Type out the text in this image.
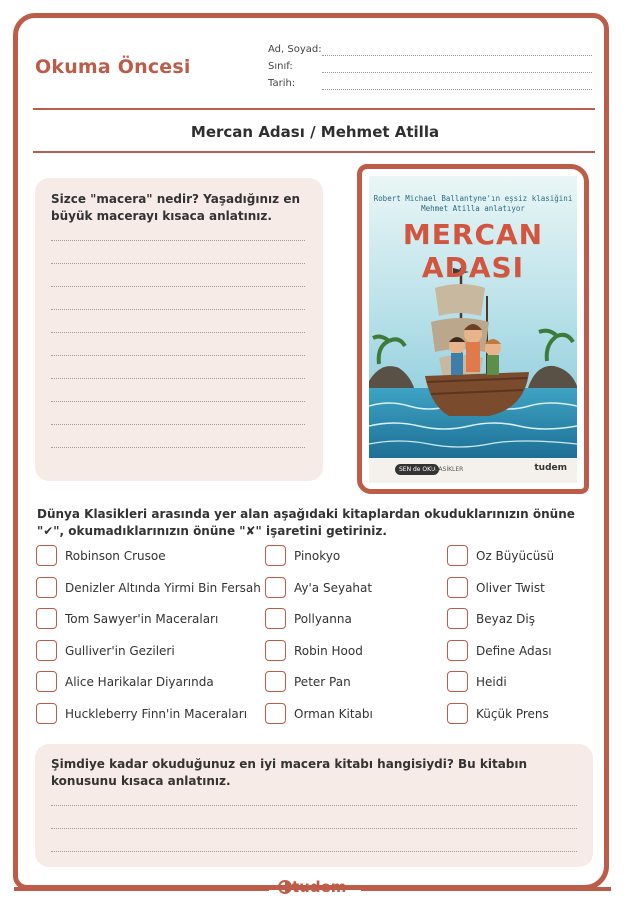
Okuma Öncesi
Ad, Soyad:
Sınıf:
Tarih:
Mercan Adası / Mehmet Atilla
Sizce "macera" nedir? Yaşadığınız en büyük macerayı kısaca anlatınız.
Robert Michael Ballantyne'ın eşsiz klasiğini
Mehmet Atilla anlatıyor
MERCAN ADASI
SEN de OKU
KLASİKLER	tudem
Dünya Klasikleri arasında yer alan aşağıdaki kitaplardan okuduklarınızın önüne "✔", okumadıklarınızın önüne "✘" işaretini getiriniz.
Robinson Crusoe
Denizler Altında Yirmi Bin Fersah
Tom Sawyer'in Maceraları
Gulliver'in Gezileri
Alice Harikalar Diyarında
Huckleberry Finn'in Maceraları
Pinokyo
Ay'a Seyahat
Pollyanna
Robin Hood
Peter Pan
Orman Kitabı
Oz Büyücüsü
Oliver Twist
Beyaz Diş
Define Adası
Heidi
Küçük Prens
Şimdiye kadar okuduğunuz en iyi macera kitabı hangisiydi? Bu kitabın konusunu kısaca anlatınız.
tudem
